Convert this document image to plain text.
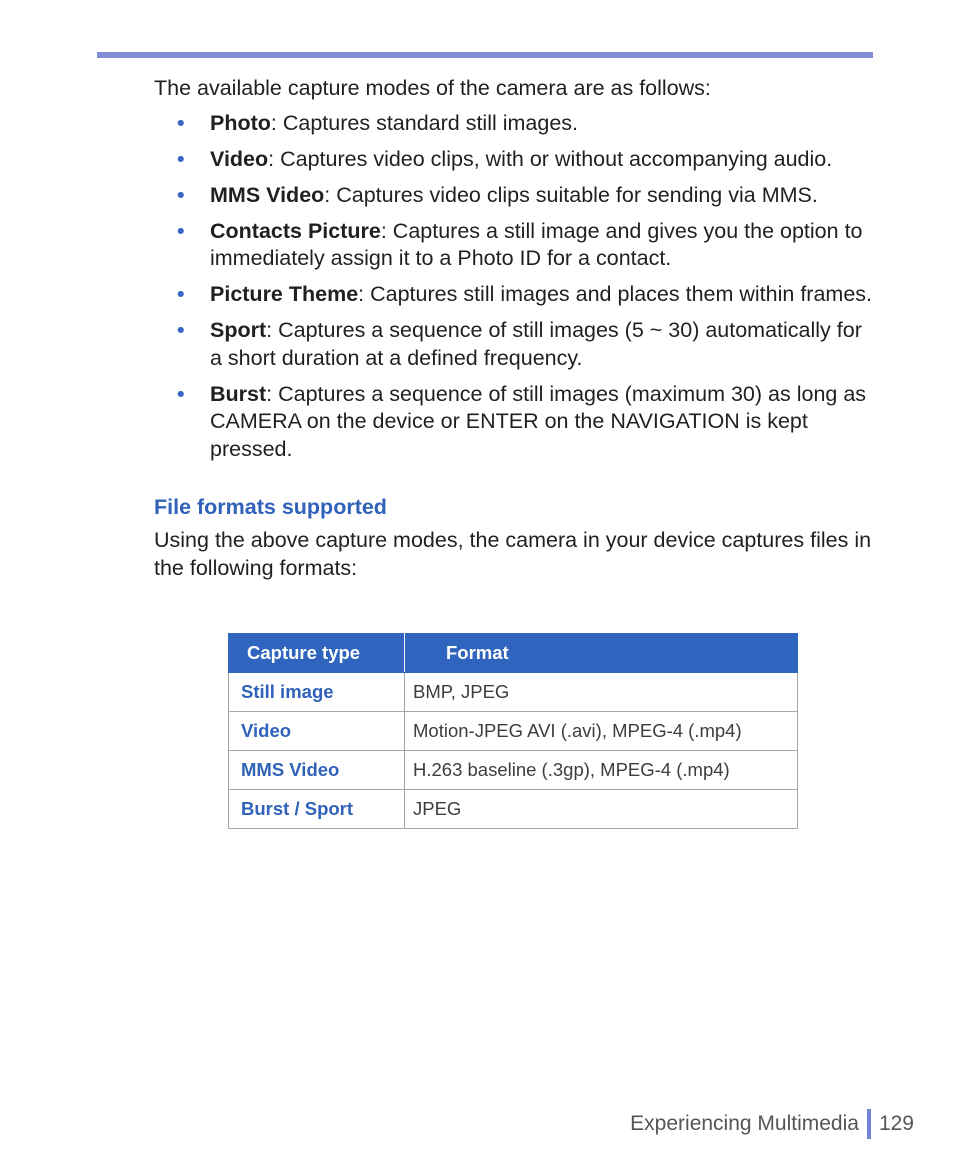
The available capture modes of the camera are as follows:

• Photo: Captures standard still images.
• Video: Captures video clips, with or without accompanying audio.
• MMS Video: Captures video clips suitable for sending via MMS.
• Contacts Picture: Captures a still image and gives you the option to immediately assign it to a Photo ID for a contact.
• Picture Theme: Captures still images and places them within frames.
• Sport: Captures a sequence of still images (5 ~ 30) automatically for a short duration at a defined frequency.
• Burst: Captures a sequence of still images (maximum 30) as long as CAMERA on the device or ENTER on the NAVIGATION is kept pressed.
File formats supported

Using the above capture modes, the camera in your device captures files in the following formats:

Capture type	Format
Still image	BMP, JPEG
Video	Motion-JPEG AVI (.avi), MPEG-4 (.mp4)
MMS Video	H.263 baseline (.3gp), MPEG-4 (.mp4)
Burst / Sport	JPEG
Experiencing Multimedia 129
